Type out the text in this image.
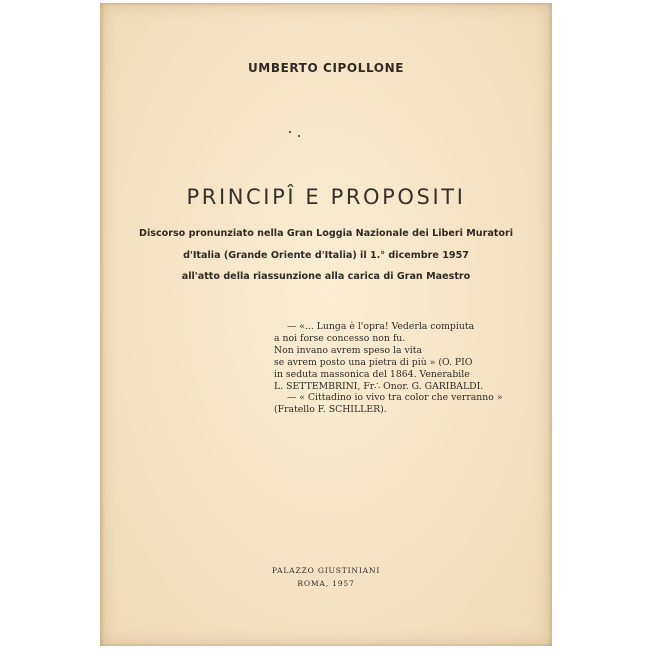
UMBERTO CIPOLLONE
PRINCIPÎ E PROPOSITI
Discorso pronunziato nella Gran Loggia Nazionale dei Liberi Muratori
d'Italia (Grande Oriente d'Italia) il 1.° dicembre 1957
all'atto della riassunzione alla carica di Gran Maestro
— «... Lunga è l'opra! Vederla compiuta
a noi forse concesso non fu.
Non invano avrem speso la vita
se avrem posto una pietra di più » (O. PIO
in seduta massonica del 1864. Venerabile
L. SETTEMBRINI, Fr∴ Onor. G. GARIBALDI.
— « Cittadino io vivo tra color che verranno »
(Fratello F. SCHILLER).
PALAZZO GIUSTINIANI
ROMA, 1957
